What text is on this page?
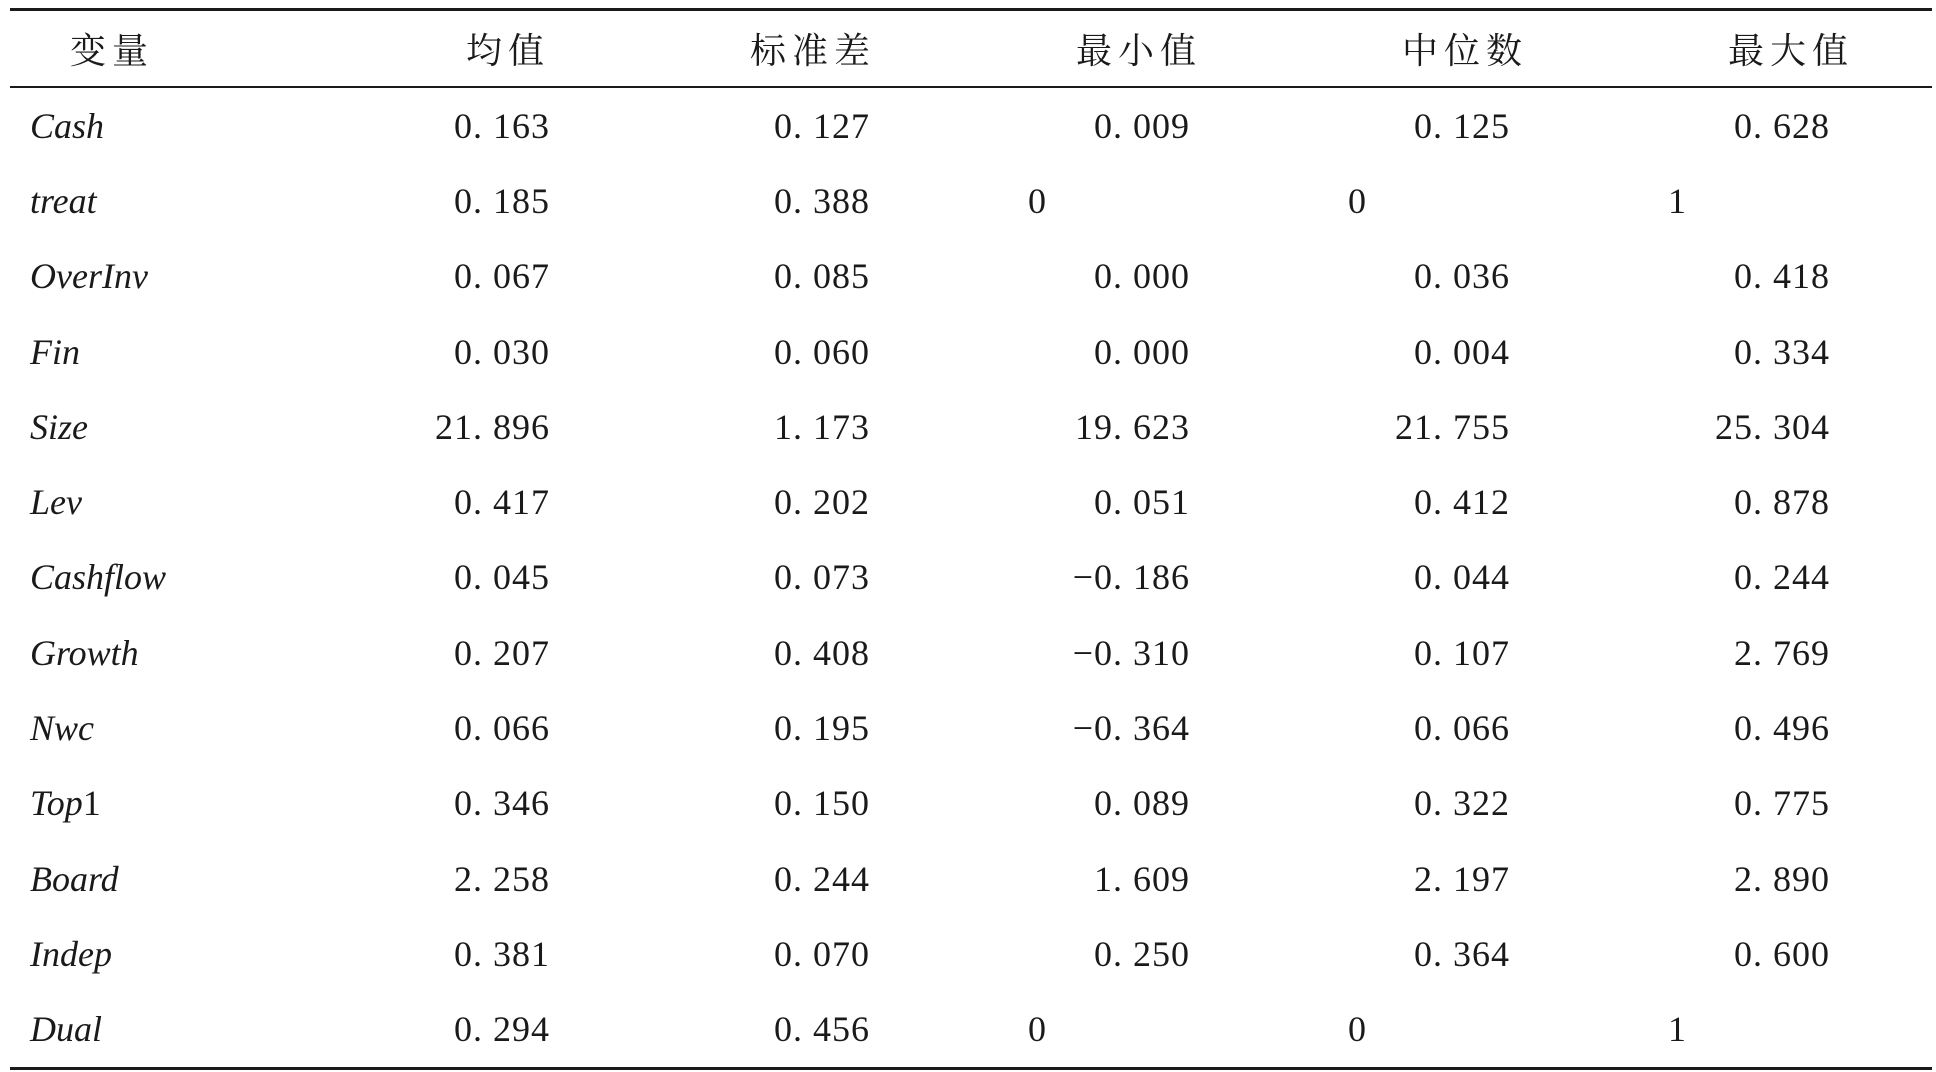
变量	均值	标准差	最小值	中位数	最大值
Cash	0. 163	0. 127	0. 009	0. 125	0. 628
treat	0. 185	0. 388	0	0	1
OverInv	0. 067	0. 085	0. 000	0. 036	0. 418
Fin	0. 030	0. 060	0. 000	0. 004	0. 334
Size	21. 896	1. 173	19. 623	21. 755	25. 304
Lev	0. 417	0. 202	0. 051	0. 412	0. 878
Cashflow	0. 045	0. 073	−0. 186	0. 044	0. 244
Growth	0. 207	0. 408	−0. 310	0. 107	2. 769
Nwc	0. 066	0. 195	−0. 364	0. 066	0. 496
Top1	0. 346	0. 150	0. 089	0. 322	0. 775
Board	2. 258	0. 244	1. 609	2. 197	2. 890
Indep	0. 381	0. 070	0. 250	0. 364	0. 600
Dual	0. 294	0. 456	0	0	1
